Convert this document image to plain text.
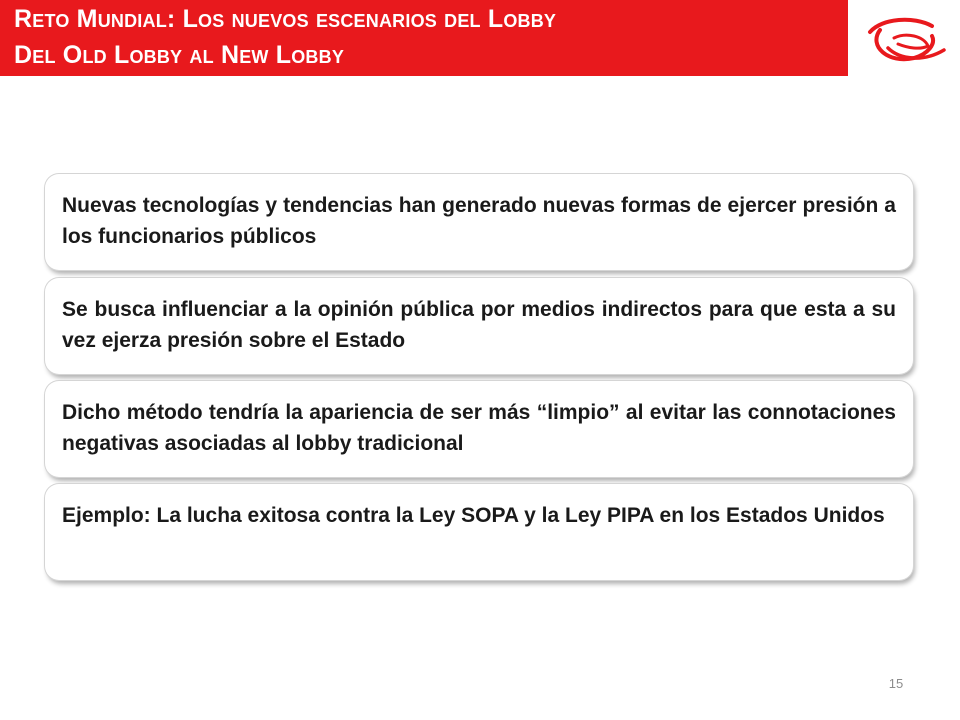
Reto Mundial: Los nuevos escenarios del Lobby
Del Old Lobby al New Lobby
Nuevas tecnologías y tendencias han generado nuevas formas de ejercer presión a los funcionarios públicos
Se busca influenciar a la opinión pública por medios indirectos para que esta a su vez ejerza presión sobre el Estado
Dicho método tendría la apariencia de ser más “limpio” al evitar las connotaciones negativas asociadas al lobby tradicional
Ejemplo: La lucha exitosa contra la Ley SOPA y la Ley PIPA en los Estados Unidos
15
